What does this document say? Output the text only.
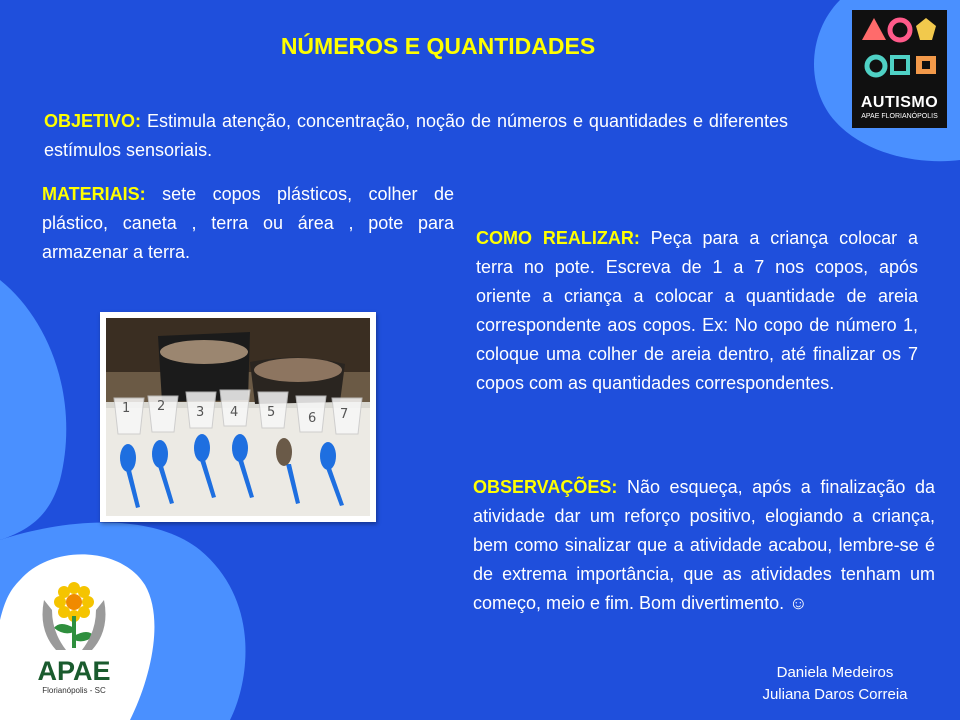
NÚMEROS E QUANTIDADES
OBJETIVO: Estimula atenção, concentração, noção de números e quantidades e diferentes estímulos sensoriais.
MATERIAIS: sete copos plásticos, colher de plástico, caneta , terra ou área , pote para armazenar a terra.
COMO REALIZAR: Peça para a criança colocar a terra no pote. Escreva de 1 a 7 nos copos, após oriente a criança a colocar a quantidade de areia correspondente aos copos. Ex: No copo de número 1, coloque uma colher de areia dentro, até finalizar os 7 copos com as quantidades correspondentes.
OBSERVAÇÕES: Não esqueça, após a finalização da atividade dar um reforço positivo, elogiando a criança, bem como sinalizar que a atividade acabou, lembre-se é de extrema importância, que as atividades tenham um começo, meio e fim. Bom divertimento. ☺
1 2 3 4 5	6 7
AUTISMO
APAE FLORIANÓPOLIS
APAE
Florianópolis - SC
Daniela Medeiros
Juliana Daros Correia
